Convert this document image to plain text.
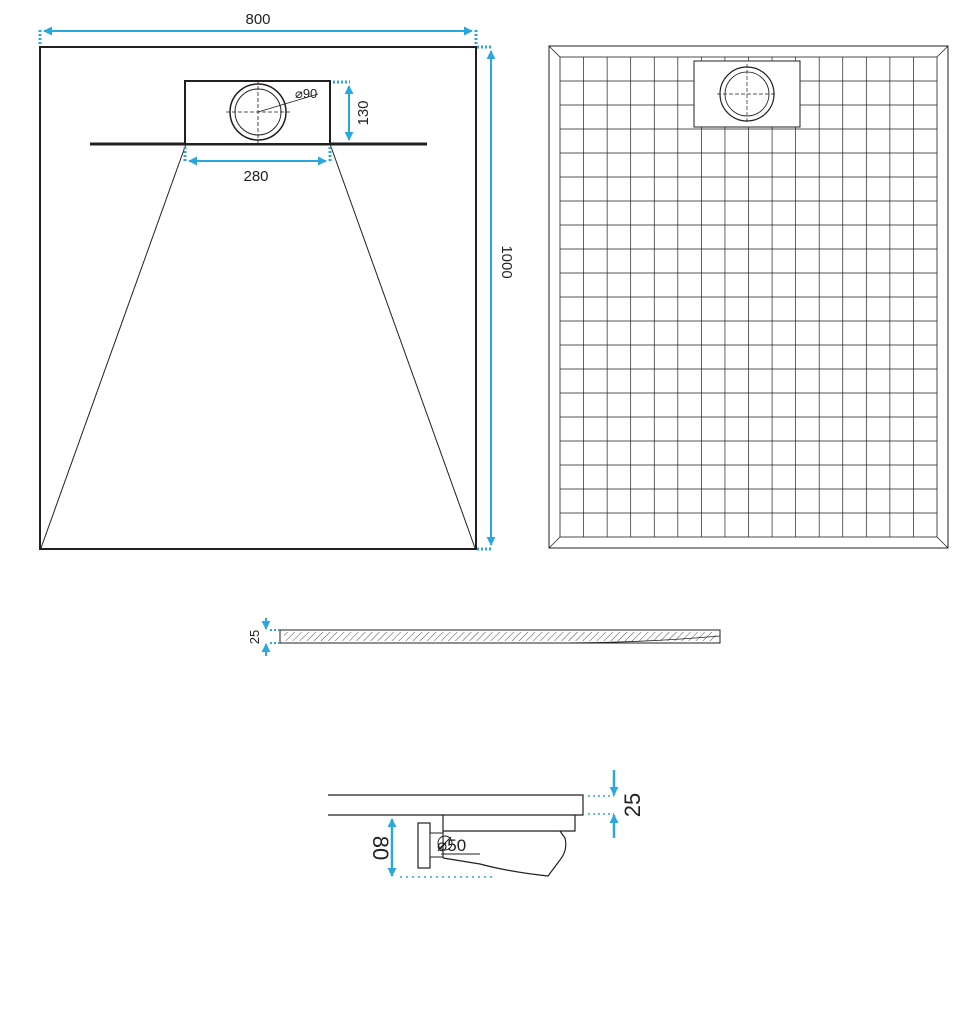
⌀90
800
1000
130
280
25
⌀50
25
80
